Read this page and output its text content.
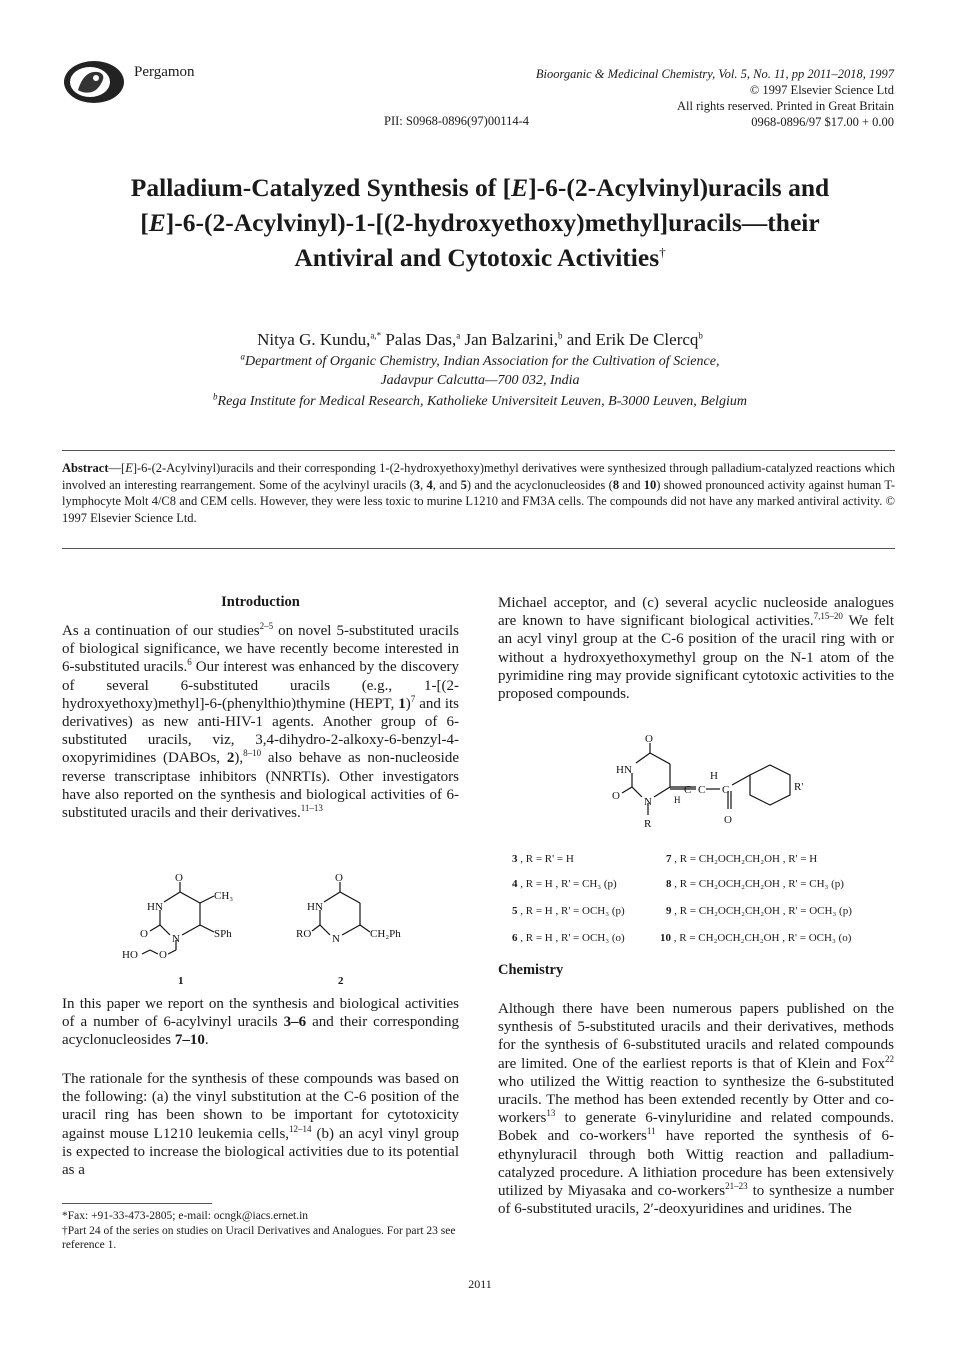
Pergamon	Bioorganic & Medicinal Chemistry, Vol. 5, No. 11, pp 2011–2018, 1997
© 1997 Elsevier Science Ltd
All rights reserved. Printed in Great Britain
0968-0896/97 $17.00 + 0.00
PII: S0968-0896(97)00114-4
Palladium-Catalyzed Synthesis of [E]-6-(2-Acylvinyl)uracils and
[E]-6-(2-Acylvinyl)-1-[(2-hydroxyethoxy)methyl]uracils—their
Antiviral and Cytotoxic Activities†
Nitya G. Kundu,$^{a,*}$ Palas Das,$^a$ Jan Balzarini,$^b$ and Erik De Clercq$^b$
$^a$Department of Organic Chemistry, Indian Association for the Cultivation of Science,
Jadavpur Calcutta—700 032, India
$^b$Rega Institute for Medical Research, Katholieke Universiteit Leuven, B-3000 Leuven, Belgium
Abstract—[E]-6-(2-Acylvinyl)uracils and their corresponding 1-(2-hydroxyethoxy)methyl derivatives were synthesized through palladium-catalyzed reactions which involved an interesting rearrangement. Some of the acylvinyl uracils (3, 4, and 5) and the acyclonucleosides (8 and 10) showed pronounced activity against human T-lymphocyte Molt 4/C8 and CEM cells. However, they were less toxic to murine L1210 and FM3A cells. The compounds did not have any marked antiviral activity. © 1997 Elsevier Science Ltd.
Introduction
As a continuation of our studies$^{2-5}$ on novel 5-substituted uracils of biological significance, we have recently become interested in 6-substituted uracils.$^6$ Our interest was enhanced by the discovery of several 6-substituted uracils (e.g., 1-[(2-hydroxyethoxy)methyl]-6-(phenylthio)thymine (HEPT, 1)$^7$ and its derivatives) as new anti-HIV-1 agents. Another group of 6-substituted uracils, viz, 3,4-dihydro-2-alkoxy-6-benzyl-4-oxopyrimidines (DABOs, 2),$^{8-10}$ also behave as non-nucleoside reverse transcriptase inhibitors (NNRTIs). Other investigators have also reported on the synthesis and biological activities of 6-substituted uracils and their derivatives.$^{11-13}$
O
CH₃
HN
O N	SPh
HO O
1
O
HN
RO N	CH₂Ph
2
In this paper we report on the synthesis and biological activities of a number of 6-acylvinyl uracils 3–6 and their corresponding acyclonucleosides 7–10.
The rationale for the synthesis of these compounds was based on the following: (a) the vinyl substitution at the C-6 position of the uracil ring has been shown to be important for cytotoxicity against mouse L1210 leukemia cells,$^{12-14}$ (b) an acyl vinyl group is expected to increase the biological activities due to its potential as a
*Fax: +91-33-473-2805; e-mail: ocngk@iacs.ernet.in
†Part 24 of the series on studies on Uracil Derivatives and Analogues. For part 23 see reference 1.
Michael acceptor, and (c) several acyclic nucleoside analogues are known to have significant biological activities.$^{7,15-20}$ We felt an acyl vinyl group at the C-6 position of the uracil ring with or without a hydroxyethoxymethyl group on the N-1 atom of the pyrimidine ring may provide significant cytotoxic activities to the proposed compounds.
O
HN
O N
R
H
C C
H
C
O
R'
3 , R = R' = H
4 , R = H , R' = CH₃ (p)
5 , R = H , R' = OCH₃ (p)
6 , R = H , R' = OCH₃ (o)
7 , R = CH₂OCH₂CH₂OH , R' = H
8 , R = CH₂OCH₂CH₂OH , R' = CH₃ (p)
9 , R = CH₂OCH₂CH₂OH , R' = OCH₃ (p)
10 , R = CH₂OCH₂CH₂OH , R' = OCH₃ (o)
Chemistry
Although there have been numerous papers published on the synthesis of 5-substituted uracils and their derivatives, methods for the synthesis of 6-substituted uracils and related compounds are limited. One of the earliest reports is that of Klein and Fox$^{22}$ who utilized the Wittig reaction to synthesize the 6-substituted uracils. The method has been extended recently by Otter and co-workers$^{13}$ to generate 6-vinyluridine and related compounds. Bobek and co-workers$^{11}$ have reported the synthesis of 6-ethynyluracil through both Wittig reaction and palladium-catalyzed procedure. A lithiation procedure has been extensively utilized by Miyasaka and co-workers$^{21-23}$ to synthesize a number of 6-substituted uracils, 2′-deoxyuridines and uridines. The
2011
